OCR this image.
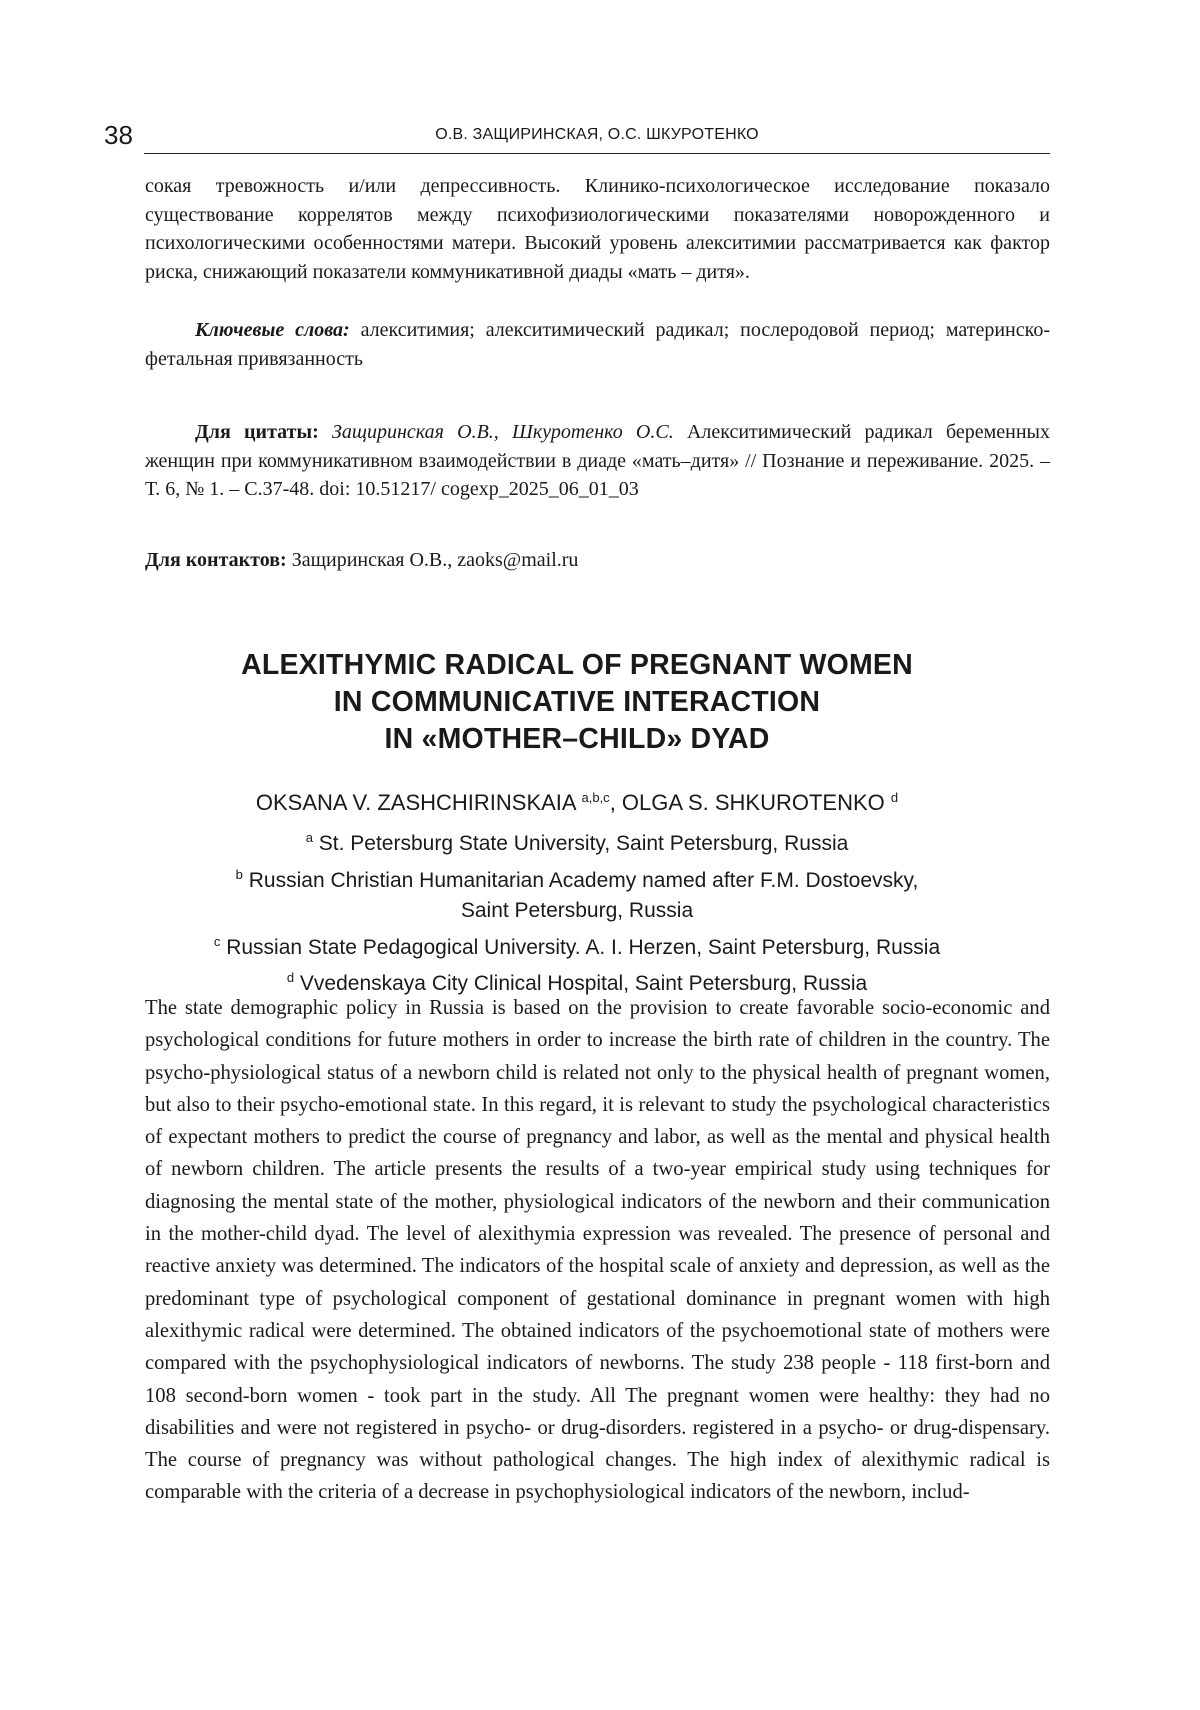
38	О.В. ЗАЩИРИНСКАЯ, О.С. ШКУРОТЕНКО

сокая тревожность и/или депрессивность. Клинико-психологическое исследование показало существование коррелятов между психофизиологическими показателями новорожденного и психологическими особенностями матери. Высокий уровень алекситимии рассматривается как фактор риска, снижающий показатели коммуникативной диады «мать – дитя».

Ключевые слова: алекситимия; алекситимический радикал; послеродовой период; материнско-фетальная привязанность
Для цитаты: Защиринская О.В., Шкуротенко О.С. Алекситимический радикал беременных женщин при коммуникативном взаимодействии в диаде «мать–дитя» // Познание и переживание. 2025. – Т. 6, № 1. – С.37-48. doi: 10.51217/ cogexp_2025_06_01_03
Для контактов: Защиринская О.В., zaoks@mail.ru
ALEXITHYMIC RADICAL OF PREGNANT WOMEN
IN COMMUNICATIVE INTERACTION
IN «MOTHER–CHILD» DYAD
OKSANA V. ZASHCHIRINSKAIA $^{a,b,c}$, OLGA S. SHKUROTENKO $^d$
$^a$ St. Petersburg State University, Saint Petersburg, Russia
$^b$ Russian Christian Humanitarian Academy named after F.M. Dostoevsky,
Saint Petersburg, Russia
$^c$ Russian State Pedagogical University. A. I. Herzen, Saint Petersburg, Russia
$^d$ Vvedenskaya City Clinical Hospital, Saint Petersburg, Russia

The state demographic policy in Russia is based on the provision to create favorable socio-economic and psychological conditions for future mothers in order to increase the birth rate of children in the country. The psycho-physiological status of a newborn child is related not only to the physical health of pregnant women, but also to their psycho-emotional state. In this regard, it is relevant to study the psychological characteristics of expectant mothers to predict the course of pregnancy and labor, as well as the mental and physical health of newborn children. The article presents the results of a two-year empirical study using techniques for diagnosing the mental state of the mother, physiological indicators of the newborn and their communication in the mother-child dyad. The level of alexithymia expression was revealed. The presence of personal and reactive anxiety was determined. The indicators of the hospital scale of anxiety and depression, as well as the predominant type of psychological component of gestational dominance in pregnant women with high alexithymic radical were determined. The obtained indicators of the psychoemotional state of mothers were compared with the psychophysiological indicators of newborns. The study 238 people - 118 first-born and 108 second-born women - took part in the study. All The pregnant women were healthy: they had no disabilities and were not registered in psycho- or drug-disorders. registered in a psycho- or drug-dispensary. The course of pregnancy was without pathological changes. The high index of alexithymic radical is comparable with the criteria of a decrease in psychophysiological indicators of the newborn, includ-
